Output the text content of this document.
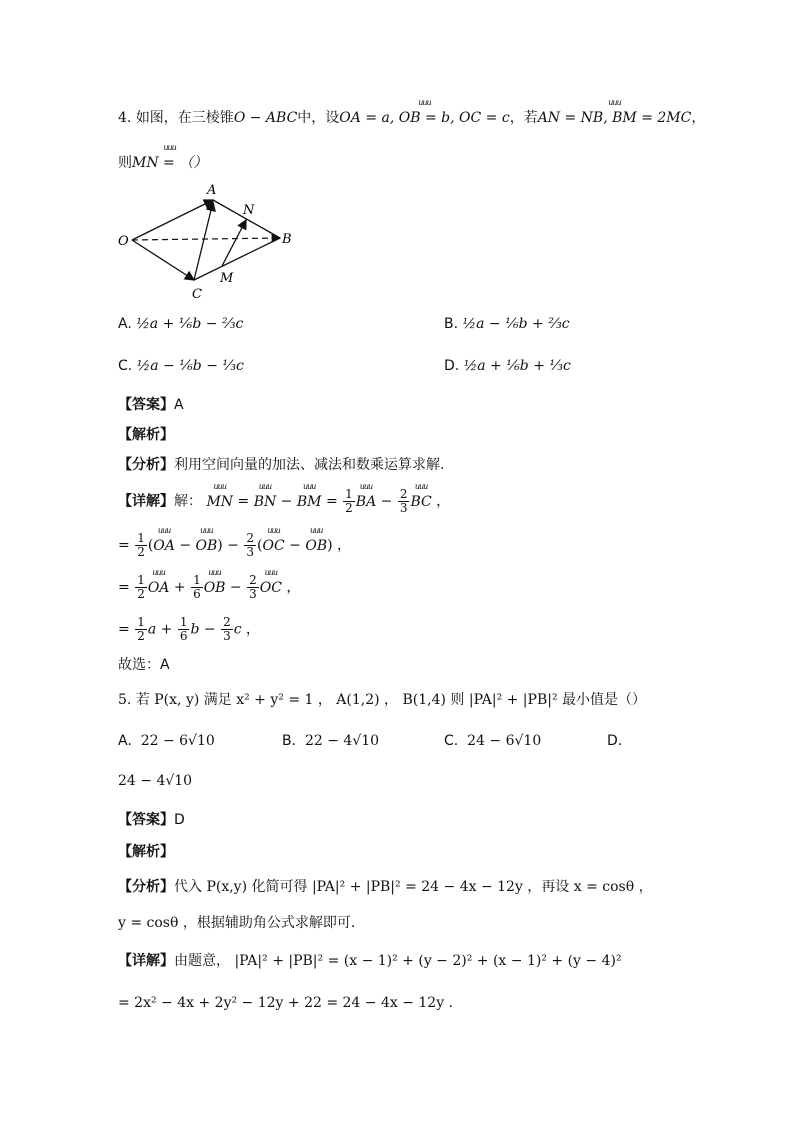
4. 如图，在三棱锥O − ABC中，设uuu OA = a, OB = b, OC = c，若uuu AN = NB, BM = 2MC，
则uuu MN = （）
A
N
O	B
M
C
A. ½a + ⅙b − ⅔c	B. ½a − ⅙b + ⅔c
C. ½a − ⅙b − ⅓c	D. ½a + ⅙b + ⅓c
【答案】A
【解析】
【分析】利用空间向量的加法、减法和数乘运算求解.
【详解】解： uuu MN = uuu BN − uuu BM = $\frac{1}{2}$ uuu BA − $\frac{2}{3}$ uuu BC ，
= $\frac{1}{2} (uuu$ OA − uuu $OB) - \frac{2}{3} (uuu$ OC − uuu OB) ，
= $\frac{1}{2}$ uuu OA + $\frac{1}{6}$ uuu OB − $\frac{2}{3}$ uuu OC ，
= $\frac{1}{2}$ $a + \frac{1}{6}$ $b - \frac{2}{3}$ c ，
故选：A
5. 若 P(x, y) 满足 x² + y² = 1 ， A(1,2) ， B(1,4) 则 |PA|² + |PB|² 最小值是（）
A. 22 − 6√10	B. 22 − 4√10	C. 24 − 6√10	D.
24 − 4√10
【答案】D
【解析】
【分析】代入 P(x,y) 化简可得 |PA|² + |PB|² = 24 − 4x − 12y ，再设 x = cosθ ，
y = cosθ ，根据辅助角公式求解即可.
【详解】由题意， |PA|² + |PB|² = (x − 1)² + (y − 2)² + (x − 1)² + (y − 4)²
= 2x² − 4x + 2y² − 12y + 22 = 24 − 4x − 12y .
